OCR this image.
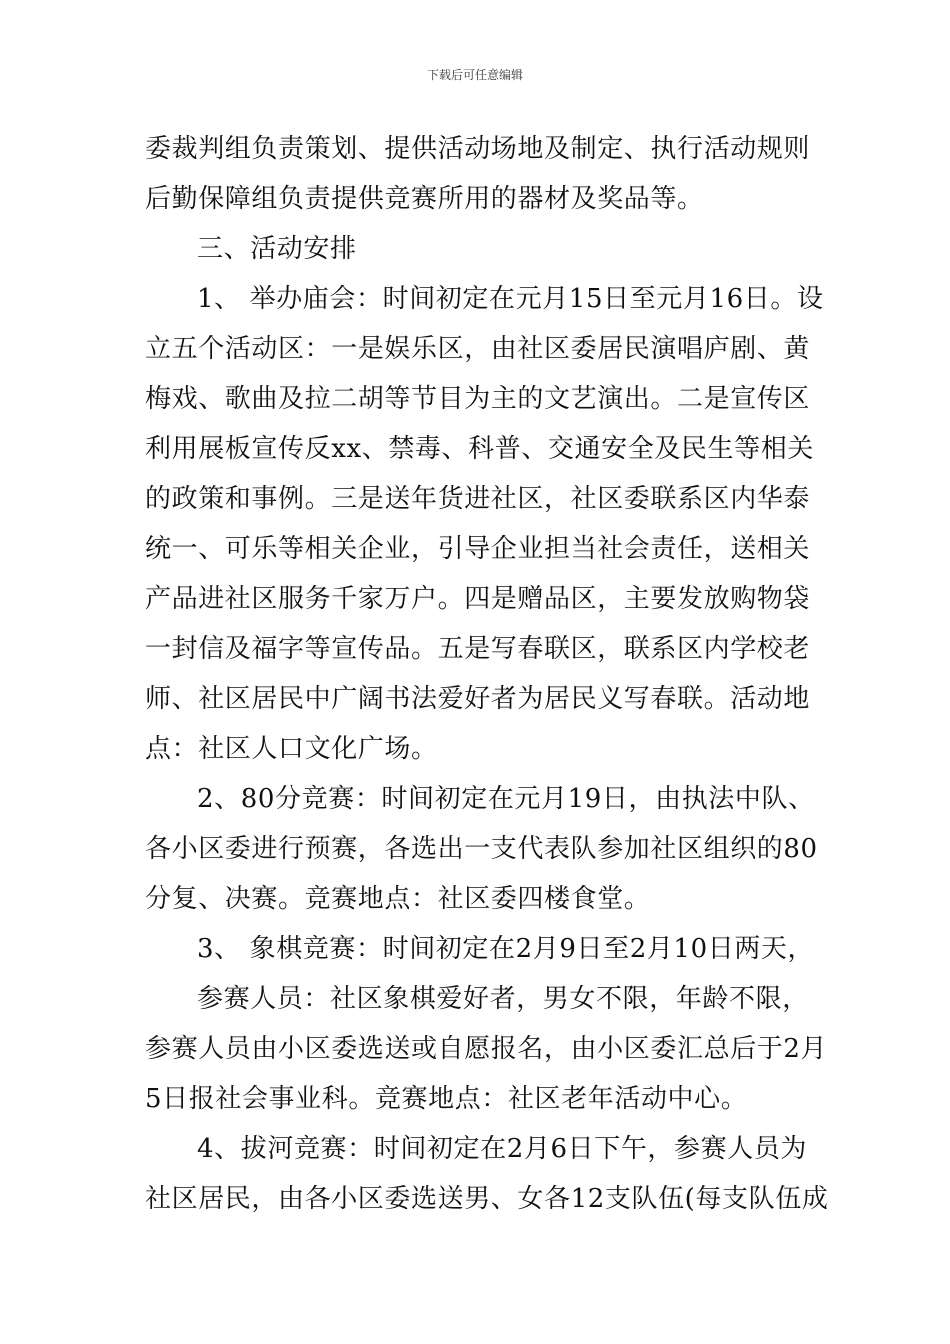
下载后可任意编辑
委裁判组负责策划、提供活动场地及制定、执行活动规则
后勤保障组负责提供竞赛所用的器材及奖品等。
三、活动安排
1、 举办庙会：时间初定在元月15日至元月16日。设
立五个活动区：一是娱乐区，由社区委居民演唱庐剧、黄
梅戏、歌曲及拉二胡等节目为主的文艺演出。二是宣传区
利用展板宣传反xx、禁毒、科普、交通安全及民生等相关
的政策和事例。三是送年货进社区，社区委联系区内华泰
统一、可乐等相关企业，引导企业担当社会责任，送相关
产品进社区服务千家万户。四是赠品区，主要发放购物袋
一封信及福字等宣传品。五是写春联区，联系区内学校老
师、社区居民中广阔书法爱好者为居民义写春联。活动地
点：社区人口文化广场。
2、80分竞赛：时间初定在元月19日，由执法中队、
各小区委进行预赛，各选出一支代表队参加社区组织的80
分复、决赛。竞赛地点：社区委四楼食堂。
3、 象棋竞赛：时间初定在2月9日至2月10日两天，
参赛人员：社区象棋爱好者，男女不限，年龄不限，
参赛人员由小区委选送或自愿报名，由小区委汇总后于2月
5日报社会事业科。竞赛地点：社区老年活动中心。
4、拔河竞赛：时间初定在2月6日下午，参赛人员为
社区居民，由各小区委选送男、女各12支队伍(每支队伍成
